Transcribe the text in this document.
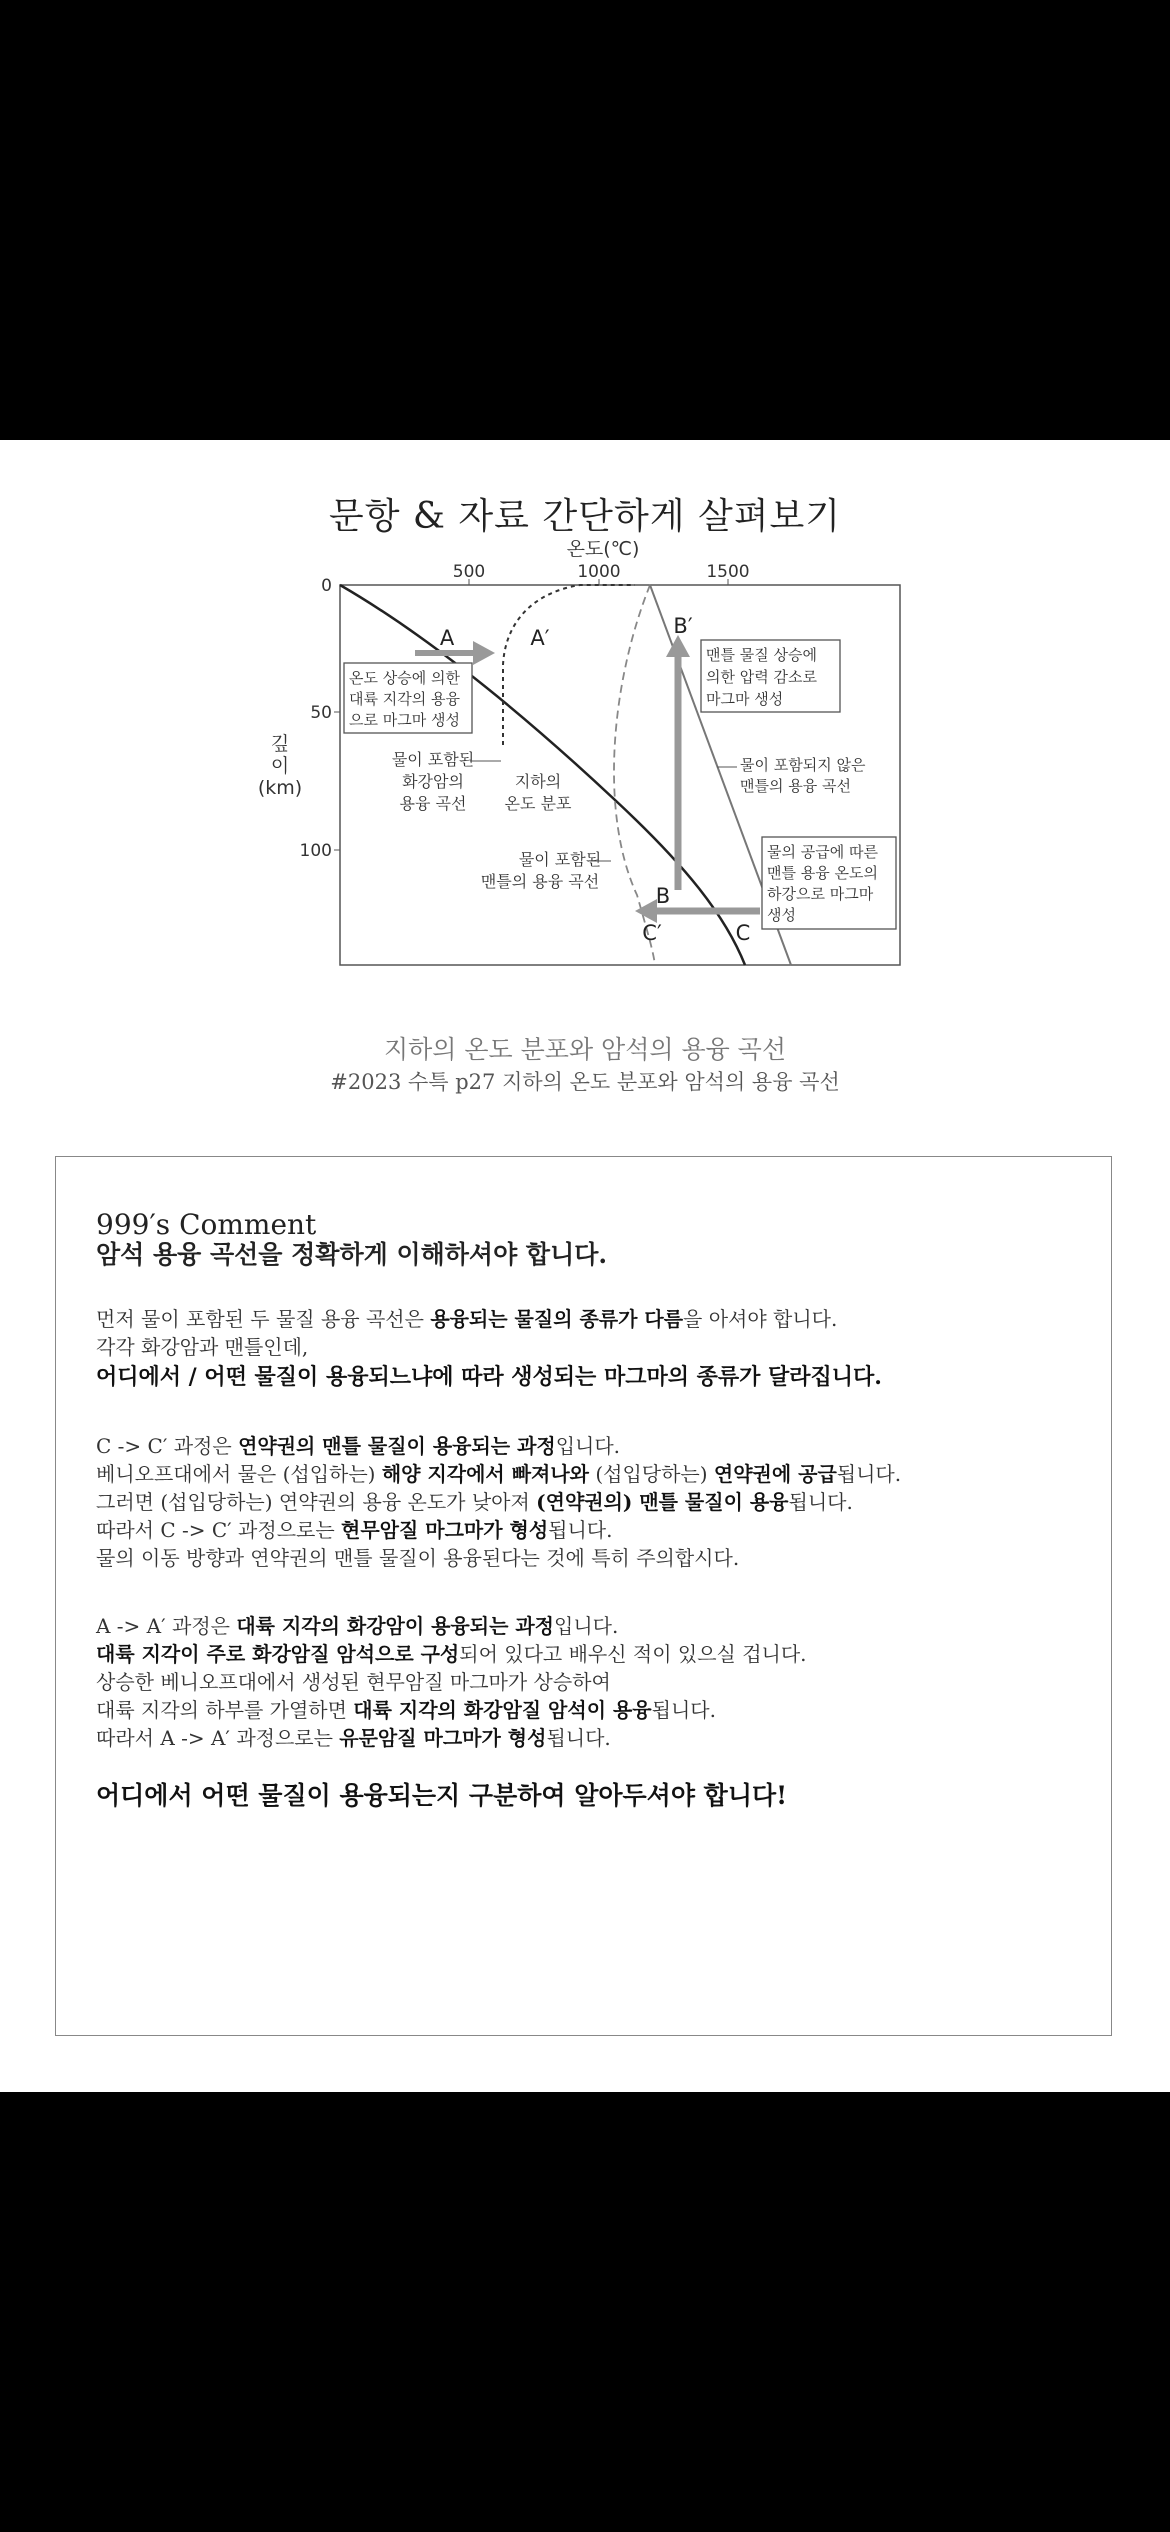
문항 & 자료 간단하게 살펴보기
온도(℃)
500	1000	1500
0
50
100
깊
이
(km)
A	A′	B′
B
C′	C
온도 상승에 의한
대륙 지각의 용융
으로 마그마 생성
물이 포함된
화강암의
용융 곡선
지하의
온도 분포
물이 포함된
맨틀의 용융 곡선
맨틀 물질 상승에
의한 압력 감소로
마그마 생성
물이 포함되지 않은
맨틀의 용융 곡선
물의 공급에 따른
맨틀 용융 온도의
하강으로 마그마
생성
지하의 온도 분포와 암석의 용융 곡선
#2023 수특 p27 지하의 온도 분포와 암석의 용융 곡선
999′s Comment
암석 용융 곡선을 정확하게 이해하셔야 합니다.
먼저 물이 포함된 두 물질 용융 곡선은 용융되는 물질의 종류가 다름을 아셔야 합니다.
각각 화강암과 맨틀인데,
어디에서 / 어떤 물질이 용융되느냐에 따라 생성되는 마그마의 종류가 달라집니다.
C -> C′ 과정은 연약권의 맨틀 물질이 용융되는 과정입니다.
베니오프대에서 물은 (섭입하는) 해양 지각에서 빠져나와 (섭입당하는) 연약권에 공급됩니다.
그러면 (섭입당하는) 연약권의 용융 온도가 낮아져 (연약권의) 맨틀 물질이 용융됩니다.
따라서 C -> C′ 과정으로는 현무암질 마그마가 형성됩니다.
물의 이동 방향과 연약권의 맨틀 물질이 용융된다는 것에 특히 주의합시다.
A -> A′ 과정은 대륙 지각의 화강암이 용융되는 과정입니다.
대륙 지각이 주로 화강암질 암석으로 구성되어 있다고 배우신 적이 있으실 겁니다.
상승한 베니오프대에서 생성된 현무암질 마그마가 상승하여
대륙 지각의 하부를 가열하면 대륙 지각의 화강암질 암석이 용융됩니다.
따라서 A -> A′ 과정으로는 유문암질 마그마가 형성됩니다.
어디에서 어떤 물질이 용융되는지 구분하여 알아두셔야 합니다!
